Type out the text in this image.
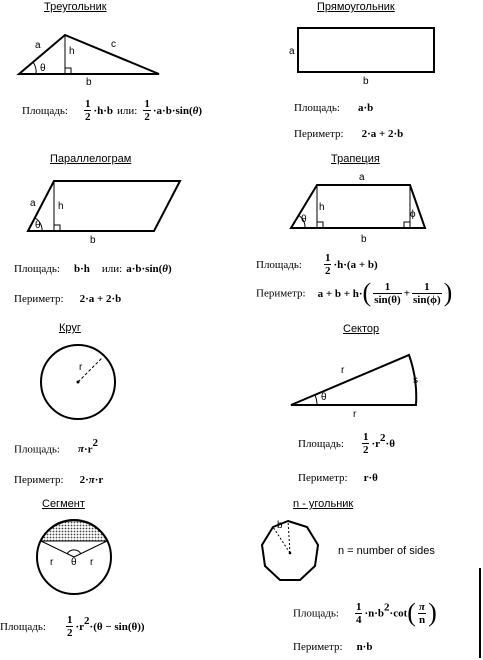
Треугольник
a
h
c
θ
b
Площадь: $\frac{1}{2} \cdot h\cdot b$ или: $\frac{1}{2} \cdot a\cdot b\cdot\sin(\theta)$
Прямоугольник
a
b
Площадь: a·b
Периметр: 2·a + 2·b
Параллелограм
a h
θ
b
Площадь: b·h или: a·b·sin(θ)
Периметр: 2·a + 2·b
Трапеция
a
h
θ	ϕ
b
Площадь: $\frac{1}{2} \cdot h\cdot(a + b)$
Периметр: $a + b + h\cdot( \frac{1}{\sin(\theta)} + \frac{1}{\sin(\phi)}$ )
Круг
r
Площадь: $\pi\cdot r^2$
Периметр: 2·π·r
Сектор
r
s
θ
r
Площадь: $\frac{1}{2} \cdot r^2\cdot\theta$
Периметр: r·θ
Сегмент
r θ r
Площадь: $\frac{1}{2} \cdot r^2\cdot(\theta - \sin(\theta))$
n - угольник
b
n = number of sides
Площадь: $\frac{1}{4} \cdot n\cdot b^2\cdot\cot( \frac{\pi}{n}$ )
Периметр: n·b
